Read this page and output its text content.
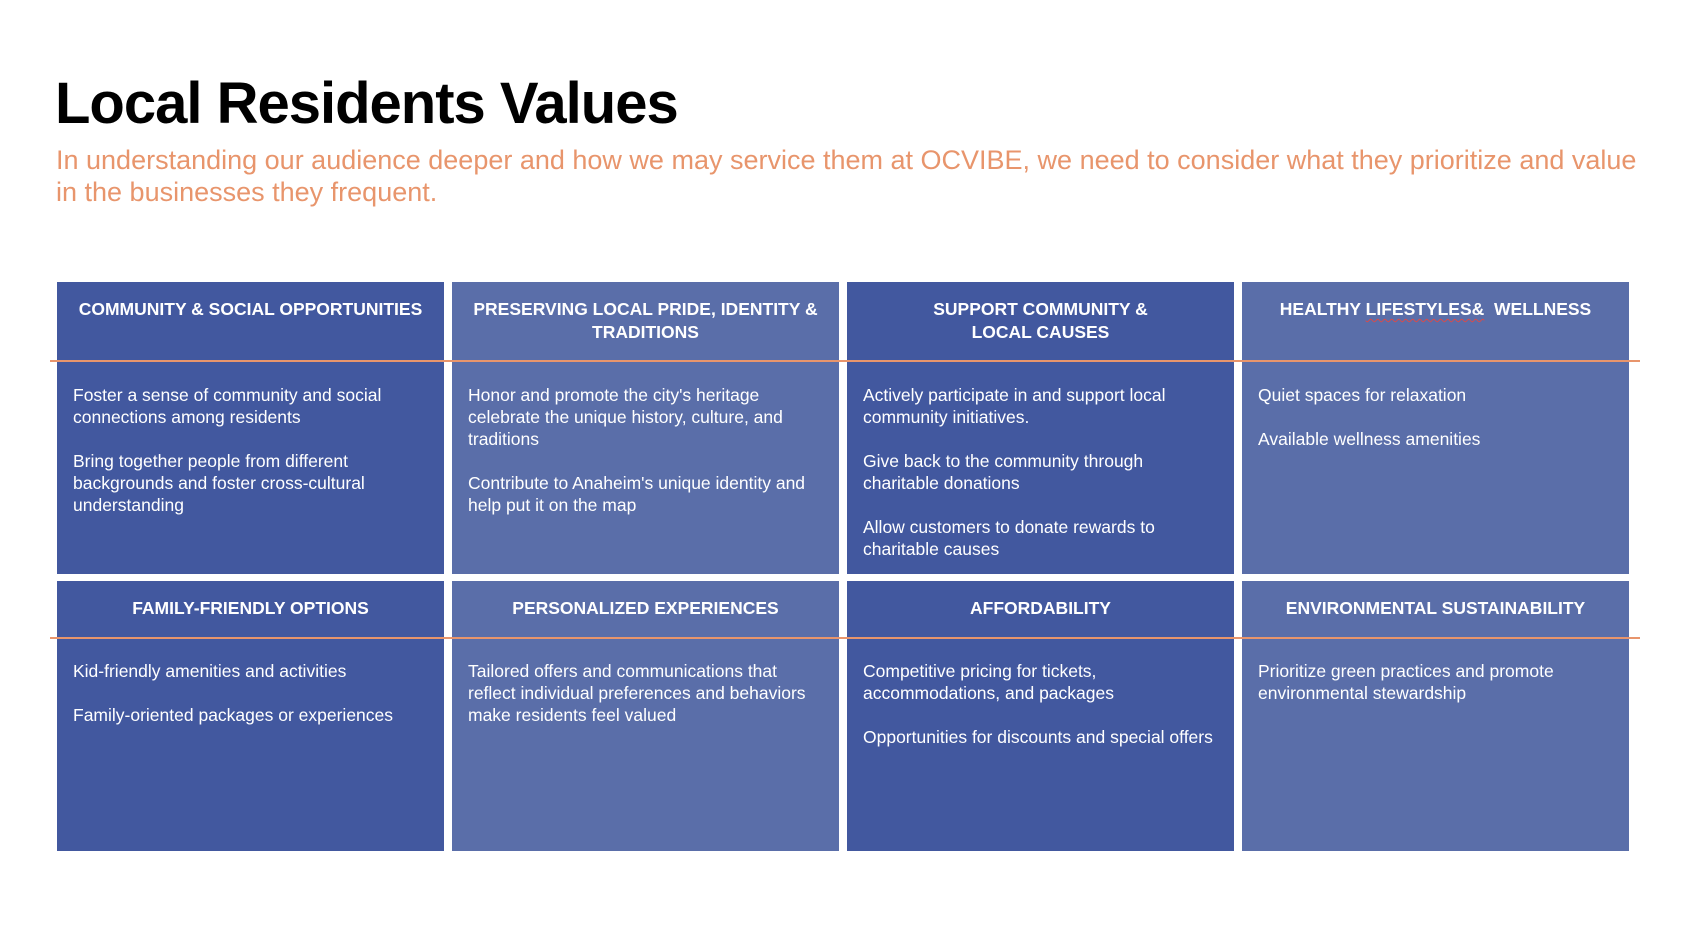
Local Residents Values

In understanding our audience deeper and how we may service them at OCVIBE, we need to consider what they prioritize and value in the businesses they frequent.

COMMUNITY & SOCIAL OPPORTUNITIES

Foster a sense of community and social connections among residents

Bring together people from different backgrounds and foster cross-cultural understanding

PRESERVING LOCAL PRIDE, IDENTITY &
TRADITIONS

Honor and promote the city's heritage celebrate the unique history, culture, and traditions

Contribute to Anaheim's unique identity and help put it on the map

SUPPORT COMMUNITY &
LOCAL CAUSES

Actively participate in and support local community initiatives.

Give back to the community through charitable donations

Allow customers to donate rewards to charitable causes

HEALTHY LIFESTYLES&  WELLNESS

Quiet spaces for relaxation

Available wellness amenities

FAMILY-FRIENDLY OPTIONS

Kid-friendly amenities and activities

Family-oriented packages or experiences

PERSONALIZED EXPERIENCES

Tailored offers and communications that reflect individual preferences and behaviors make residents feel valued

AFFORDABILITY

Competitive pricing for tickets, accommodations, and packages

Opportunities for discounts and special offers

ENVIRONMENTAL SUSTAINABILITY

Prioritize green practices and promote environmental stewardship
